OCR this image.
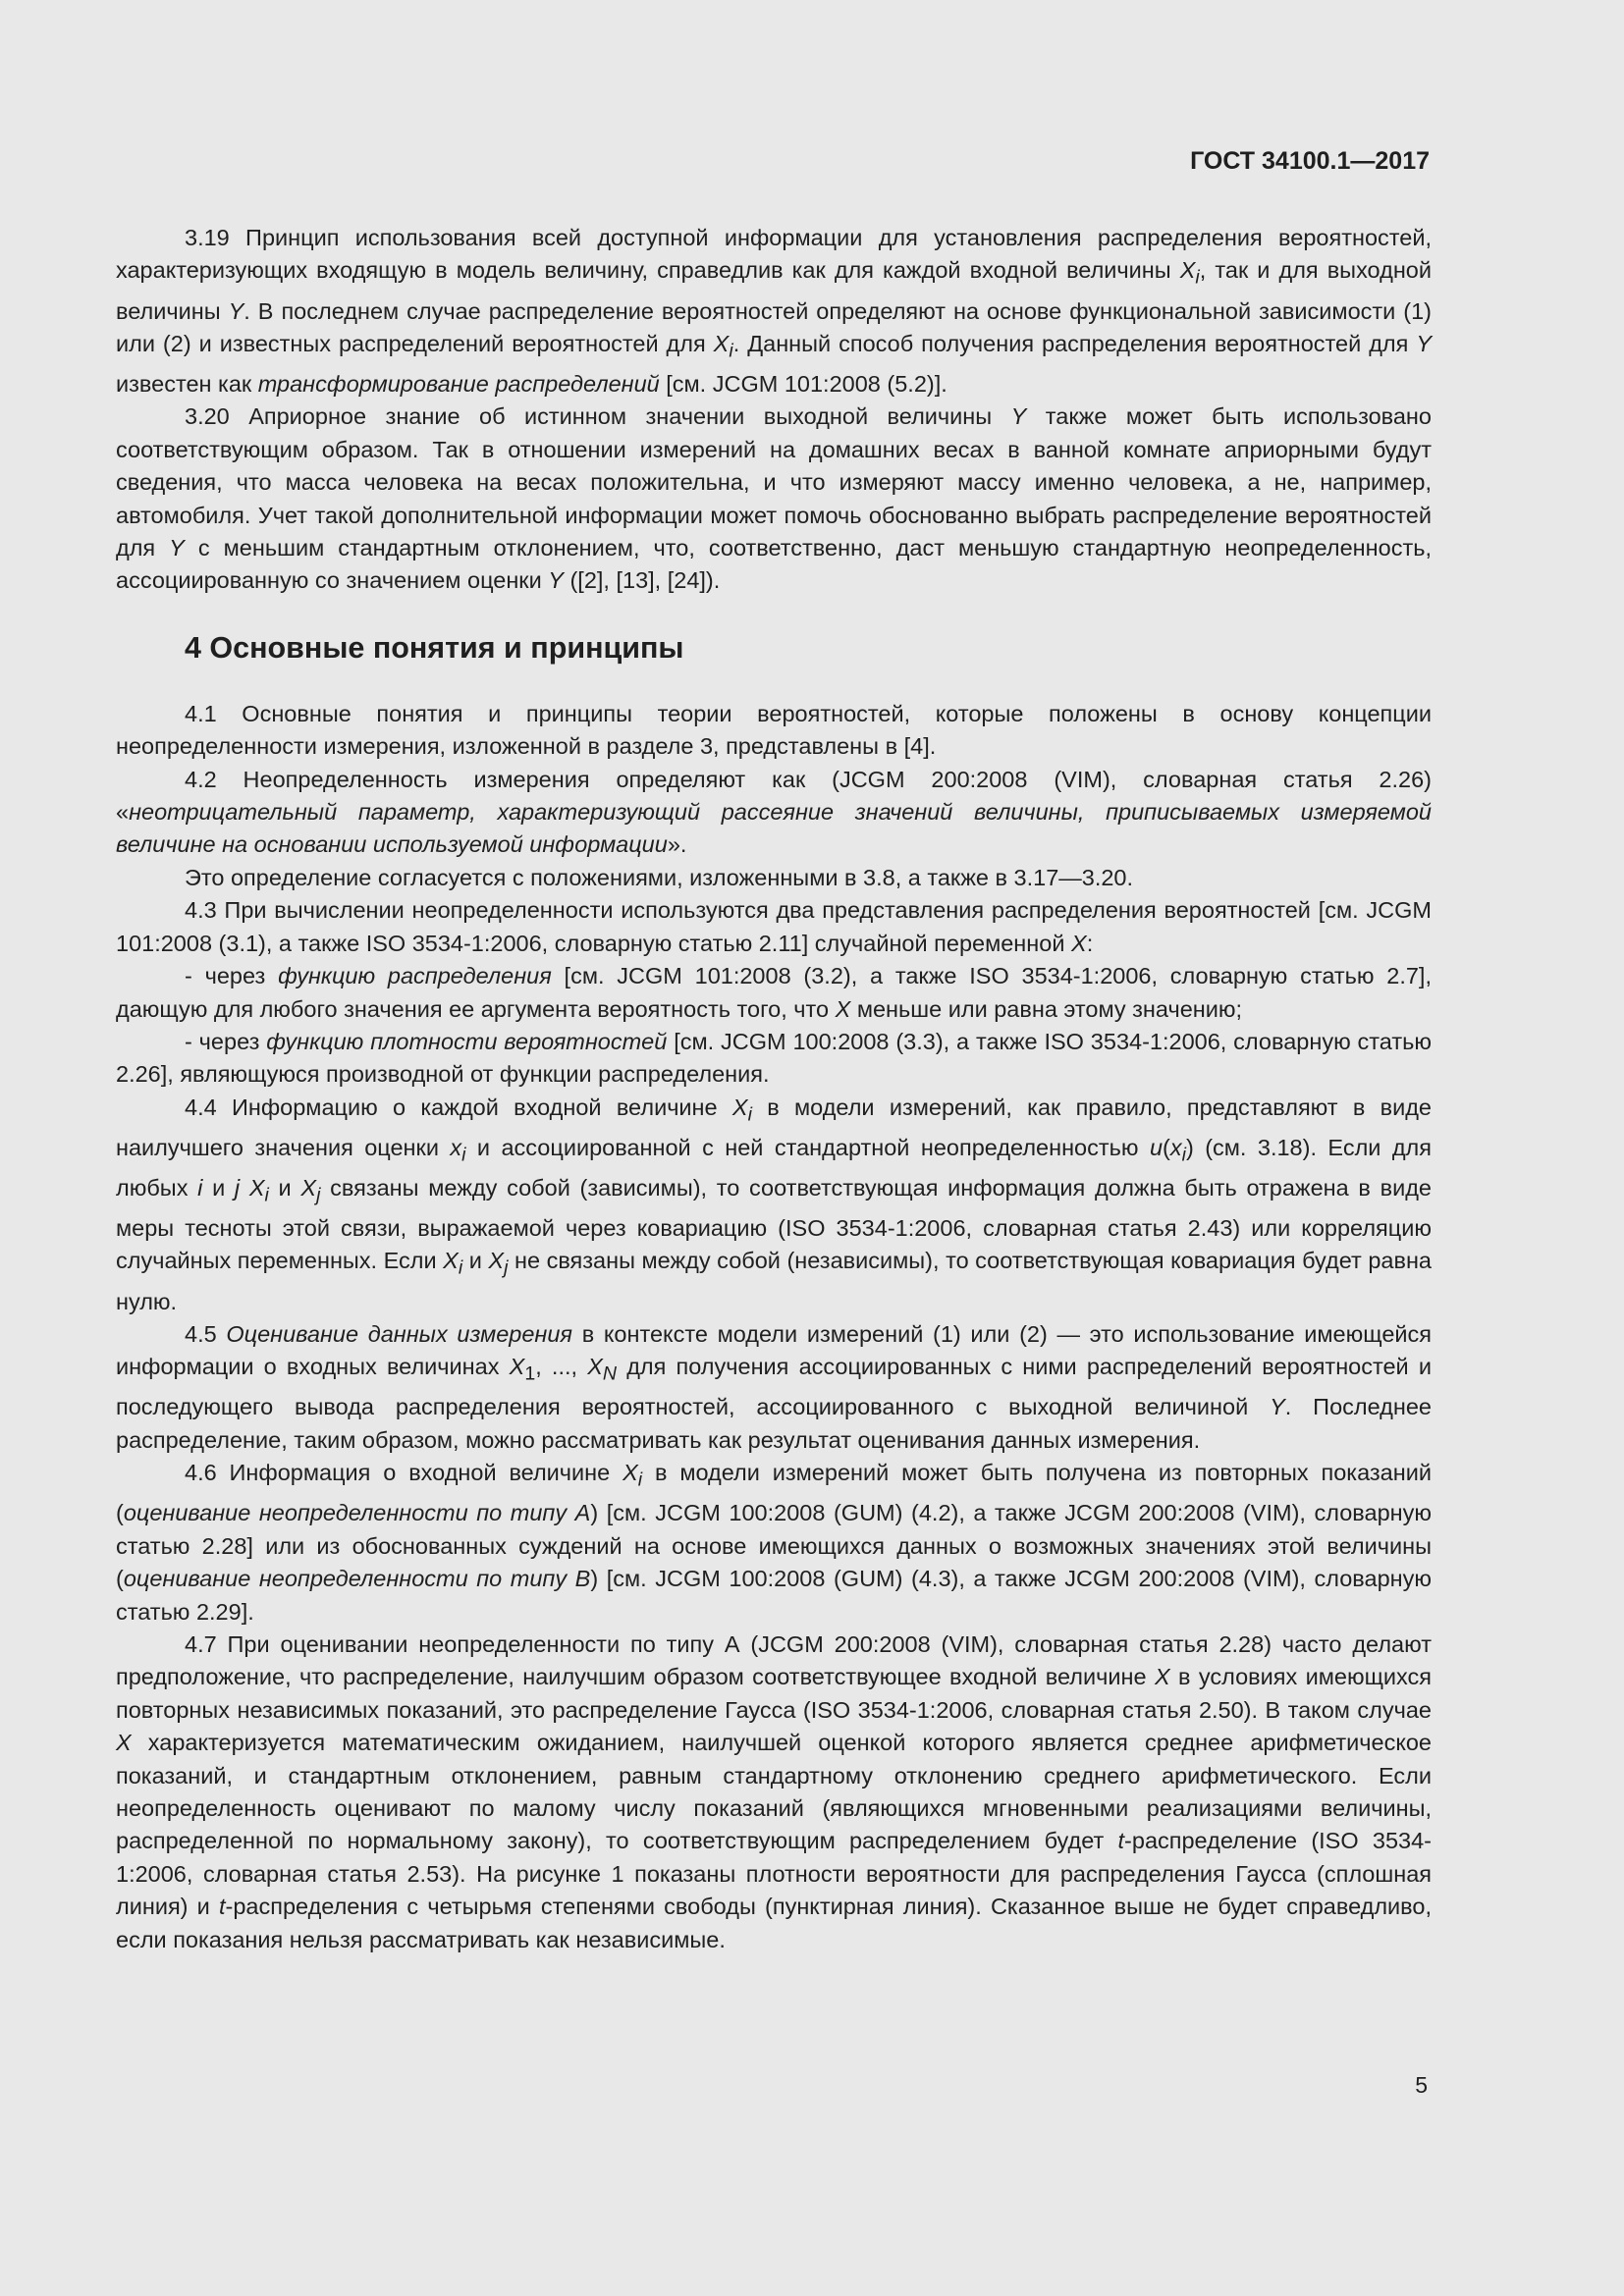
ГОСТ 34100.1—2017

3.19 Принцип использования всей доступной информации для установления распределения вероятностей, характеризующих входящую в модель величину, справедлив как для каждой входной величины $X_i$, так и для выходной величины Y. В последнем случае распределение вероятностей определяют на основе функциональной зависимости (1) или (2) и известных распределений вероятностей для $X_i$. Данный способ получения распределения вероятностей для Y известен как трансформирование распределений [см. JCGM 101:2008 (5.2)].

3.20 Априорное знание об истинном значении выходной величины Y также может быть использовано соответствующим образом. Так в отношении измерений на домашних весах в ванной комнате априорными будут сведения, что масса человека на весах положительна, и что измеряют массу именно человека, а не, например, автомобиля. Учет такой дополнительной информации может помочь обоснованно выбрать распределение вероятностей для Y с меньшим стандартным отклонением, что, соответственно, даст меньшую стандартную неопределенность, ассоциированную со значением оценки Y ([2], [13], [24]).

4 Основные понятия и принципы

4.1 Основные понятия и принципы теории вероятностей, которые положены в основу концепции неопределенности измерения, изложенной в разделе 3, представлены в [4].

4.2 Неопределенность измерения определяют как (JCGM 200:2008 (VIM), словарная статья 2.26) «неотрицательный параметр, характеризующий рассеяние значений величины, приписываемых измеряемой величине на основании используемой информации».

Это определение согласуется с положениями, изложенными в 3.8, а также в 3.17—3.20.

4.3 При вычислении неопределенности используются два представления распределения вероятностей [см. JCGM 101:2008 (3.1), а также ISO 3534-1:2006, словарную статью 2.11] случайной переменной X:

- через функцию распределения [см. JCGM 101:2008 (3.2), а также ISO 3534-1:2006, словарную статью 2.7], дающую для любого значения ее аргумента вероятность того, что X меньше или равна этому значению;

- через функцию плотности вероятностей [см. JCGM 100:2008 (3.3), а также ISO 3534-1:2006, словарную статью 2.26], являющуюся производной от функции распределения.

4.4 Информацию о каждой входной величине $X_i$ в модели измерений, как правило, представляют в виде наилучшего значения оценки $x_i$ и ассоциированной с ней стандартной неопределенностью $u(x_i)$ (см. 3.18). Если для любых i и j $X_i$ и $X_j$ связаны между собой (зависимы), то соответствующая информация должна быть отражена в виде меры тесноты этой связи, выражаемой через ковариацию (ISO 3534-1:2006, словарная статья 2.43) или корреляцию случайных переменных. Если $X_i$ и $X_j$ не связаны между собой (независимы), то соответствующая ковариация будет равна нулю.

4.5 Оценивание данных измерения в контексте модели измерений (1) или (2) — это использование имеющейся информации о входных величинах $X_1$, ..., $X_N$ для получения ассоциированных с ними распределений вероятностей и последующего вывода распределения вероятностей, ассоциированного с выходной величиной Y. Последнее распределение, таким образом, можно рассматривать как результат оценивания данных измерения.

4.6 Информация о входной величине $X_i$ в модели измерений может быть получена из повторных показаний (оценивание неопределенности по типу А) [см. JCGM 100:2008 (GUM) (4.2), а также JCGM 200:2008 (VIM), словарную статью 2.28] или из обоснованных суждений на основе имеющихся данных о возможных значениях этой величины (оценивание неопределенности по типу В) [см. JCGM 100:2008 (GUM) (4.3), а также JCGM 200:2008 (VIM), словарную статью 2.29].

4.7 При оценивании неопределенности по типу А (JCGM 200:2008 (VIM), словарная статья 2.28) часто делают предположение, что распределение, наилучшим образом соответствующее входной величине X в условиях имеющихся повторных независимых показаний, это распределение Гаусса (ISO 3534-1:2006, словарная статья 2.50). В таком случае X характеризуется математическим ожиданием, наилучшей оценкой которого является среднее арифметическое показаний, и стандартным отклонением, равным стандартному отклонению среднего арифметического. Если неопределенность оценивают по малому числу показаний (являющихся мгновенными реализациями величины, распределенной по нормальному закону), то соответствующим распределением будет t-распределение (ISO 3534-1:2006, словарная статья 2.53). На рисунке 1 показаны плотности вероятности для распределения Гаусса (сплошная линия) и t-распределения с четырьмя степенями свободы (пунктирная линия). Сказанное выше не будет справедливо, если показания нельзя рассматривать как независимые.

5
